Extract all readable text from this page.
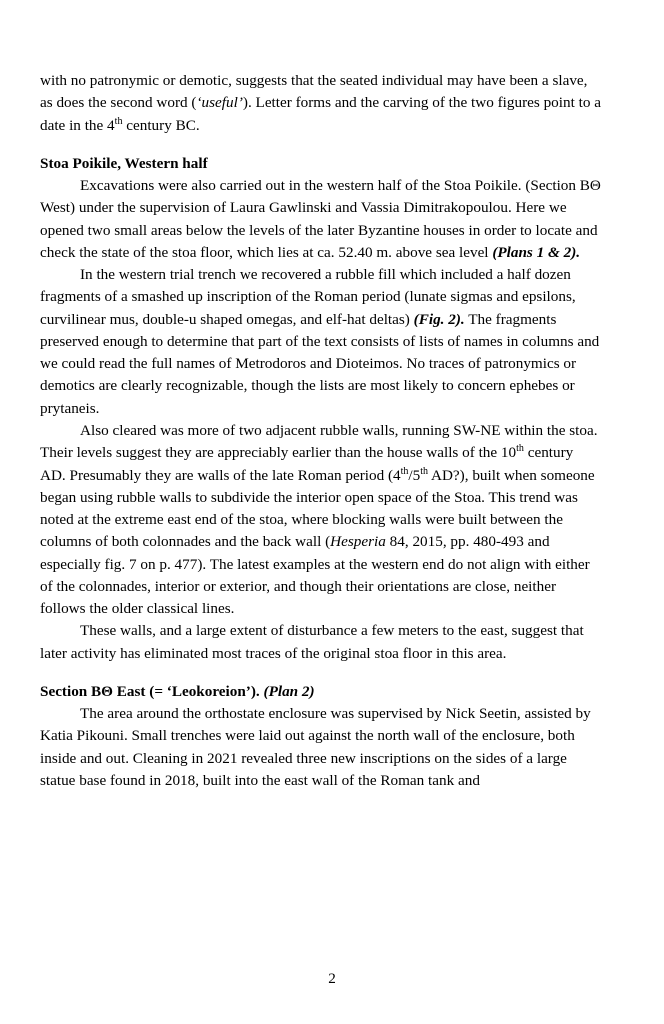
with no patronymic or demotic, suggests that the seated individual may have been a slave, as does the second word (‘useful’). Letter forms and the carving of the two figures point to a date in the 4th century BC.

Stoa Poikile, Western half

Excavations were also carried out in the western half of the Stoa Poikile. (Section BΘ West) under the supervision of Laura Gawlinski and Vassia Dimitrakopoulou. Here we opened two small areas below the levels of the later Byzantine houses in order to locate and check the state of the stoa floor, which lies at ca. 52.40 m. above sea level (Plans 1 & 2).

In the western trial trench we recovered a rubble fill which included a half dozen fragments of a smashed up inscription of the Roman period (lunate sigmas and epsilons, curvilinear mus, double-u shaped omegas, and elf-hat deltas) (Fig. 2). The fragments preserved enough to determine that part of the text consists of lists of names in columns and we could read the full names of Metrodoros and Dioteimos. No traces of patronymics or demotics are clearly recognizable, though the lists are most likely to concern ephebes or prytaneis.

Also cleared was more of two adjacent rubble walls, running SW-NE within the stoa. Their levels suggest they are appreciably earlier than the house walls of the 10th century AD. Presumably they are walls of the late Roman period (4th/5th AD?), built when someone began using rubble walls to subdivide the interior open space of the Stoa. This trend was noted at the extreme east end of the stoa, where blocking walls were built between the columns of both colonnades and the back wall (Hesperia 84, 2015, pp. 480-493 and especially fig. 7 on p. 477). The latest examples at the western end do not align with either of the colonnades, interior or exterior, and though their orientations are close, neither follows the older classical lines.

These walls, and a large extent of disturbance a few meters to the east, suggest that later activity has eliminated most traces of the original stoa floor in this area.

Section BΘ East (= ‘Leokoreion’). (Plan 2)

The area around the orthostate enclosure was supervised by Nick Seetin, assisted by Katia Pikouni. Small trenches were laid out against the north wall of the enclosure, both inside and out. Cleaning in 2021 revealed three new inscriptions on the sides of a large statue base found in 2018, built into the east wall of the Roman tank and

2
